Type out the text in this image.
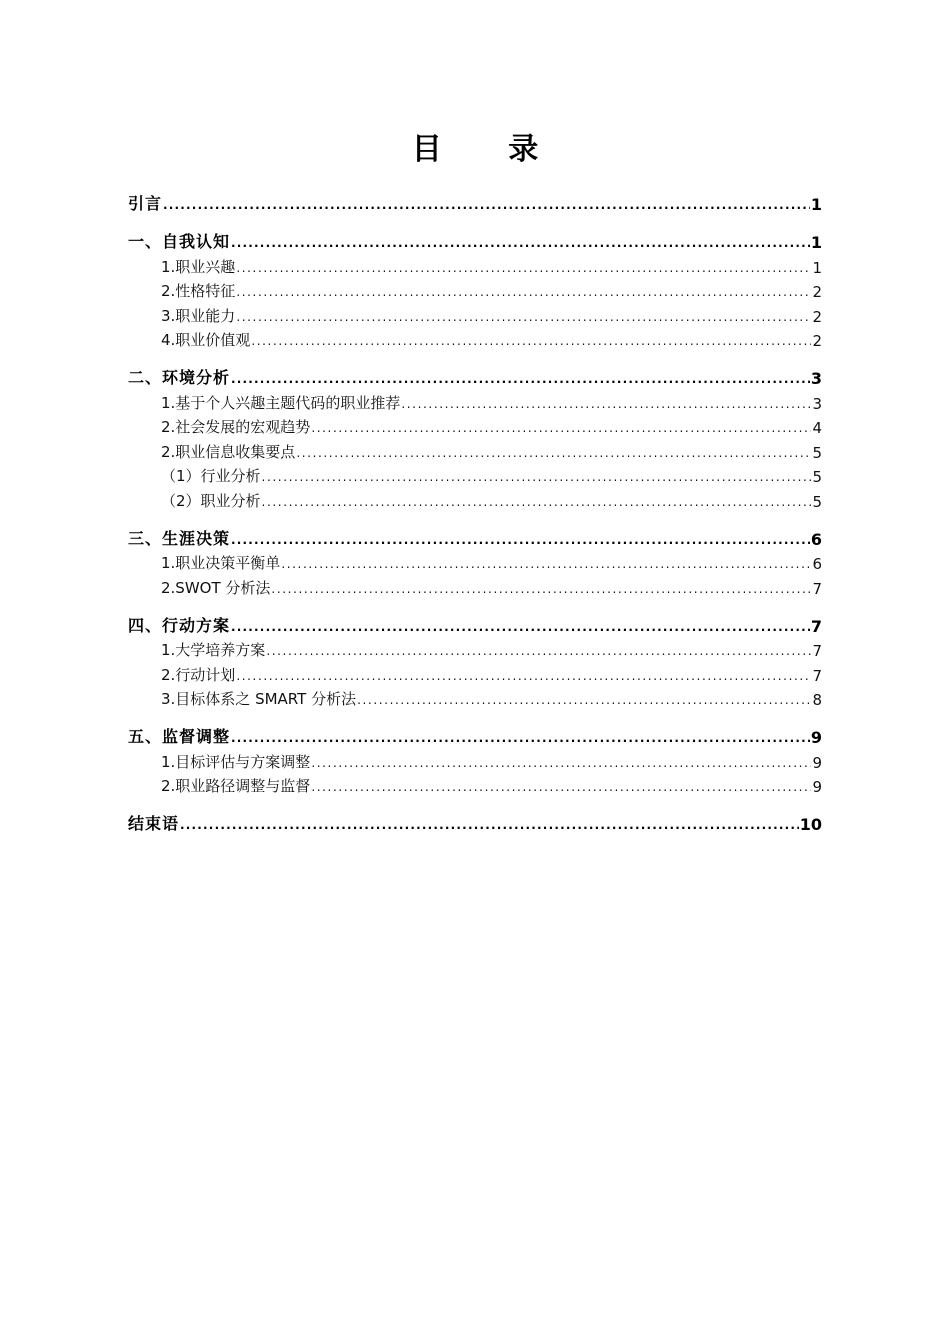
目 录
引言 .....	1
一、自我认知 .....	1
1.职业兴趣 .....	1
2.性格特征 .....	2
3.职业能力 .....	2
4.职业价值观 .....	2
二、环境分析 .....	3
1.基于个人兴趣主题代码的职业推荐 .....	3
2.社会发展的宏观趋势 .....	4
2.职业信息收集要点 .....	5
（1）行业分析 .....	5
（2）职业分析 .....	5
三、生涯决策 .....	6
1.职业决策平衡单 .....	6
2.SWOT 分析法 .....	7
四、行动方案 .....	7
1.大学培养方案 .....	7
2.行动计划 .....	7
3.目标体系之 SMART 分析法 .....	8
五、监督调整 .....	9
1.目标评估与方案调整 .....	9
2.职业路径调整与监督 .....	9
结束语 .....	10
